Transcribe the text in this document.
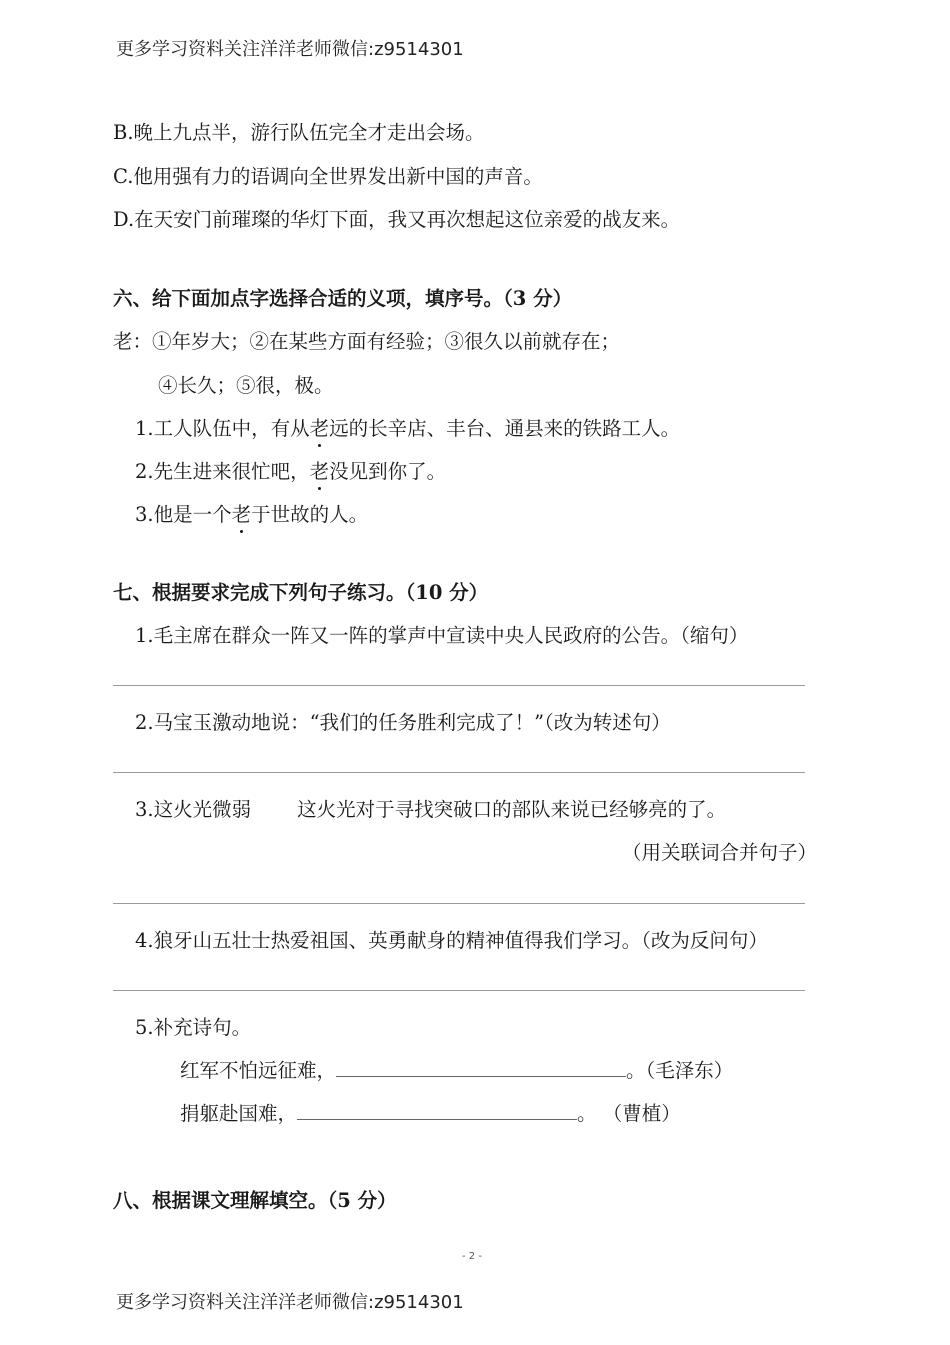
更多学习资料关注洋洋老师微信:z9514301
B.晚上九点半，游行队伍完全才走出会场。
C.他用强有力的语调向全世界发出新中国的声音。
D.在天安门前璀璨的华灯下面，我又再次想起这位亲爱的战友来。
六、给下面加点字选择合适的义项，填序号。（3 分）
老：①年岁大；②在某些方面有经验；③很久以前就存在；
④长久；⑤很，极。
1.工人队伍中，有从老远的长辛店、丰台、通县来的铁路工人。
2.先生进来很忙吧，老没见到你了。
3.他是一个老于世故的人。
七、根据要求完成下列句子练习。（10 分）
1.毛主席在群众一阵又一阵的掌声中宣读中央人民政府的公告。（缩句）
2.马宝玉激动地说：“我们的任务胜利完成了！”（改为转述句）
3.这火光微弱 这火光对于寻找突破口的部队来说已经够亮的了。
（用关联词合并句子）
4.狼牙山五壮士热爱祖国、英勇献身的精神值得我们学习。（改为反问句）
5.补充诗句。
红军不怕远征难，	。（毛泽东）
捐躯赴国难，	。 （曹植）
八、根据课文理解填空。（5 分）
- 2 -
更多学习资料关注洋洋老师微信:z9514301
